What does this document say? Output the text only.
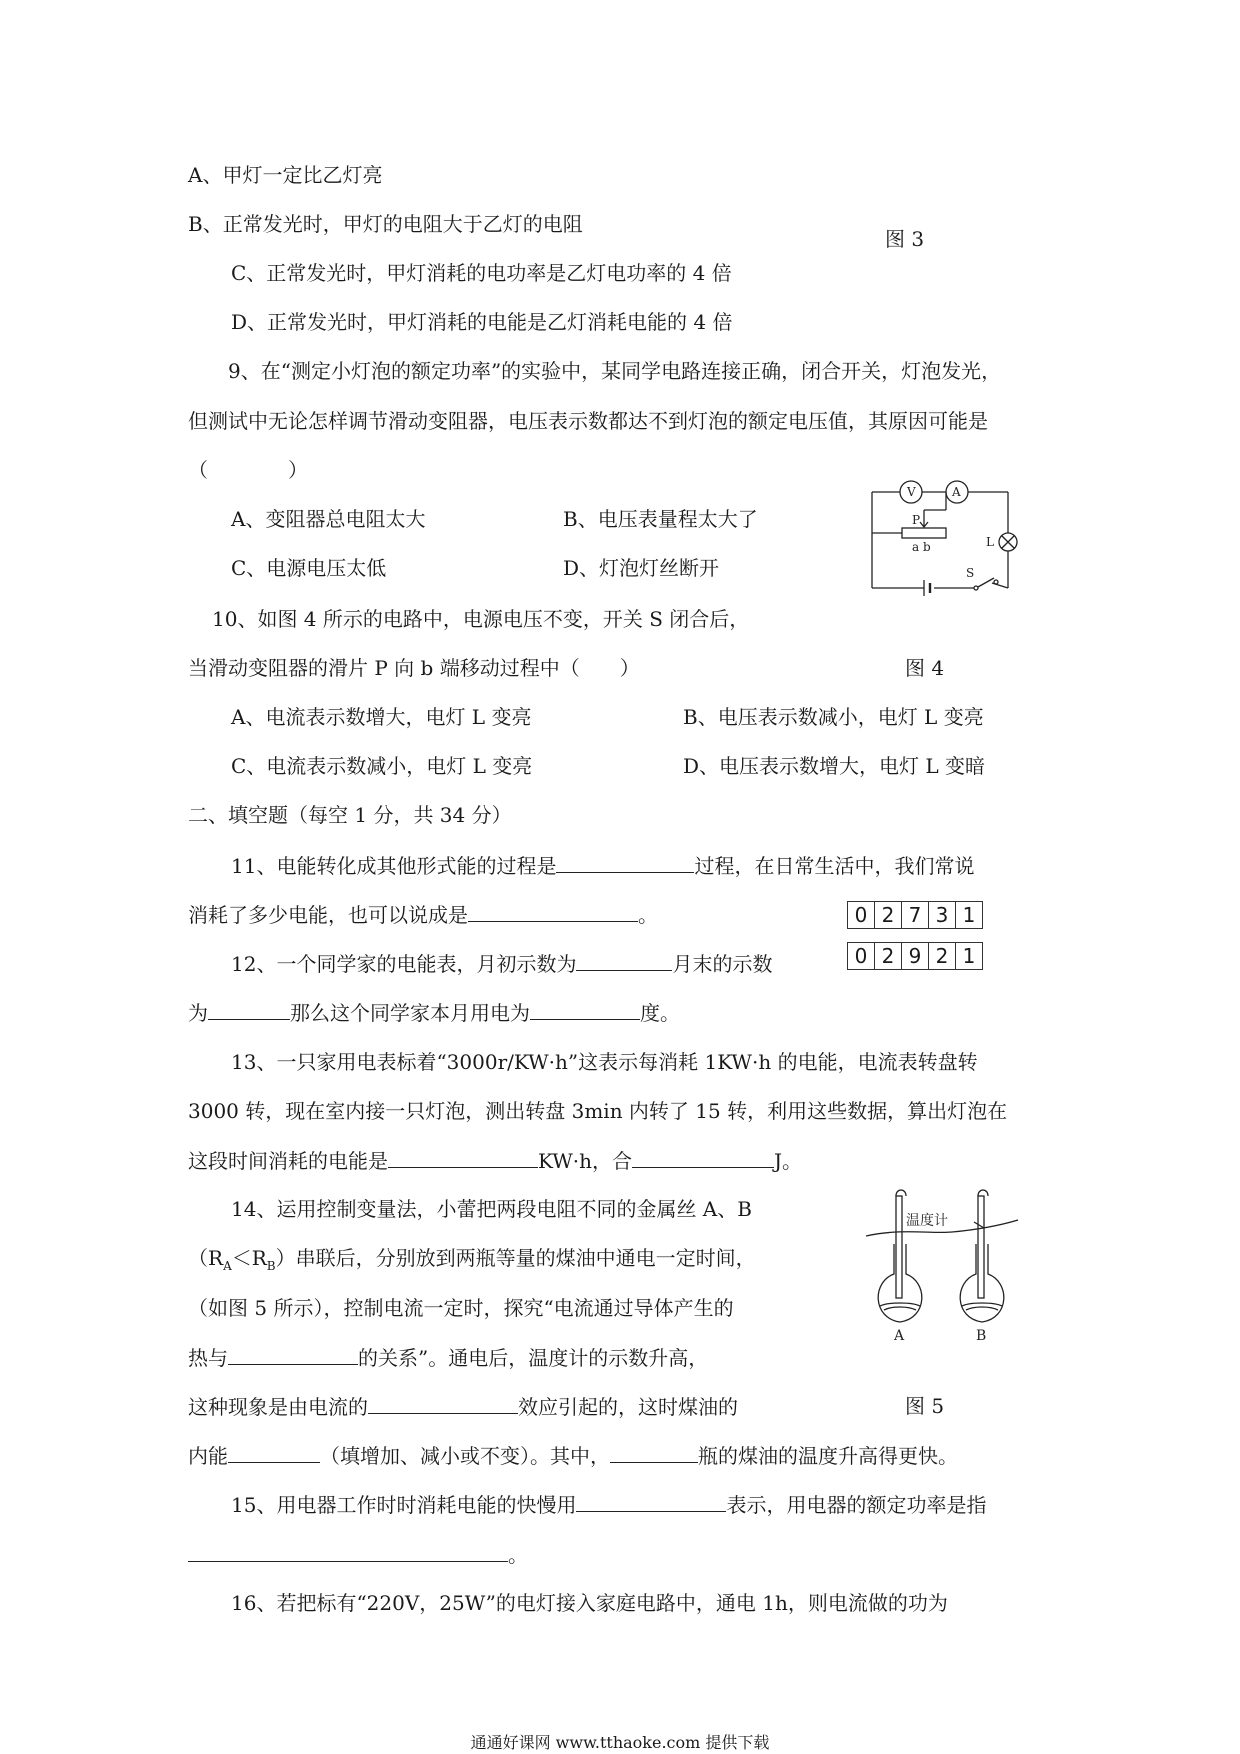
A、甲灯一定比乙灯亮
B、正常发光时，甲灯的电阻大于乙灯的电阻
图 3
C、正常发光时，甲灯消耗的电功率是乙灯电功率的 4 倍
D、正常发光时，甲灯消耗的电能是乙灯消耗电能的 4 倍
9、在“测定小灯泡的额定功率”的实验中，某同学电路连接正确，闭合开关，灯泡发光，
但测试中无论怎样调节滑动变阻器，电压表示数都达不到灯泡的额定电压值，其原因可能是
（　　　　）
A、变阻器总电阻太大	B、电压表量程太大了
C、电源电压太低	D、灯泡灯丝断开
V	A
P
a b	L
S
10、如图 4 所示的电路中，电源电压不变，开关 S 闭合后，
当滑动变阻器的滑片 P 向 b 端移动过程中（　　）	图 4
A、电流表示数增大，电灯 L 变亮	B、电压表示数减小，电灯 L 变亮
C、电流表示数减小，电灯 L 变亮	D、电压表示数增大，电灯 L 变暗
二、填空题（每空 1 分，共 34 分）
11、电能转化成其他形式能的过程是	过程，在日常生活中，我们常说
消耗了多少电能，也可以说成是	。	0 2 7 3 1
0 2 9 2 1
12、一个同学家的电能表，月初示数为	月末的示数
为	那么这个同学家本月用电为	度。
13、一只家用电表标着“3000r/KW·h”这表示每消耗 1KW·h 的电能，电流表转盘转
3000 转，现在室内接一只灯泡，测出转盘 3min 内转了 15 转，利用这些数据，算出灯泡在
这段时间消耗的电能是	KW·h，合	J。
14、运用控制变量法，小蕾把两段电阻不同的金属丝 A、B
$(R_A<R_B)$串联后，分别放到两瓶等量的煤油中通电一定时间，
（如图 5 所示），控制电流一定时，探究“电流通过导体产生的
热与	的关系”。通电后，温度计的示数升高，
这种现象是由电流的	效应引起的，这时煤油的
内能	（填增加、减小或不变）。其中，	瓶的煤油的温度升高得更快。
温度计
A	B
图 5
15、用电器工作时时消耗电能的快慢用	表示，用电器的额定功率是指
。
16、若把标有“220V，25W”的电灯接入家庭电路中，通电 1h，则电流做的功为
通通好课网 www.tthaoke.com 提供下载
